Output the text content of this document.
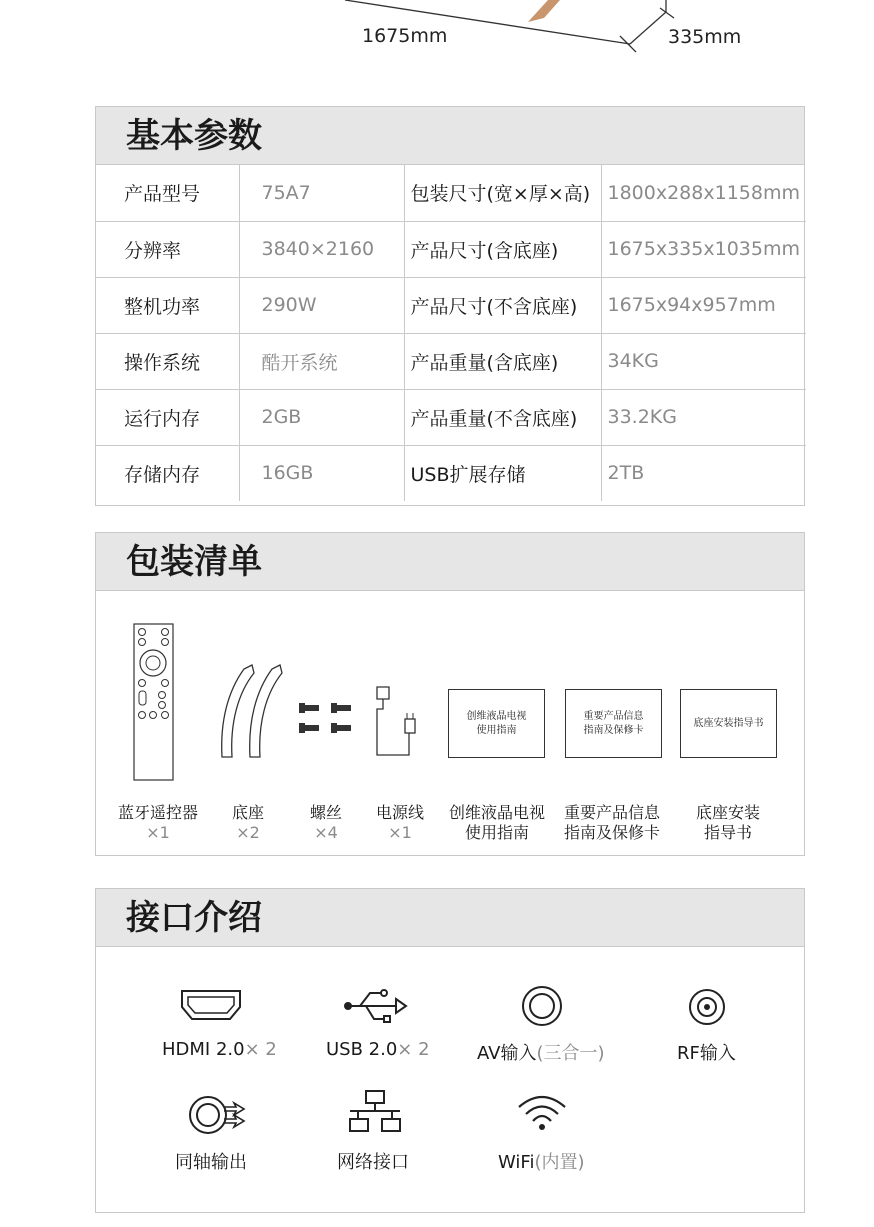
1675mm	335mm
基本参数
产品型号	75A7	包装尺寸(宽×厚×高)	1800x288x1158mm
分辨率	3840×2160	产品尺寸(含底座)	1675x335x1035mm
整机功率	290W	产品尺寸(不含底座)	1675x94x957mm
操作系统	酷开系统	产品重量(含底座)	34KG
运行内存	2GB	产品重量(不含底座)	33.2KG
存储内存	16GB	USB扩展存储	2TB
包装清单
创维液晶电视
使用指南
重要产品信息
指南及保修卡
底座安装指导书
蓝牙遥控器
×1
底座
×2
螺丝
×4
电源线
×1
创维液晶电视
使用指南
重要产品信息
指南及保修卡
底座安装
指导书
接口介绍
HDMI 2.0× 2	USB 2.0× 2	AV输入(三合一)	RF输入
同轴输出	网络接口	WiFi(内置)
